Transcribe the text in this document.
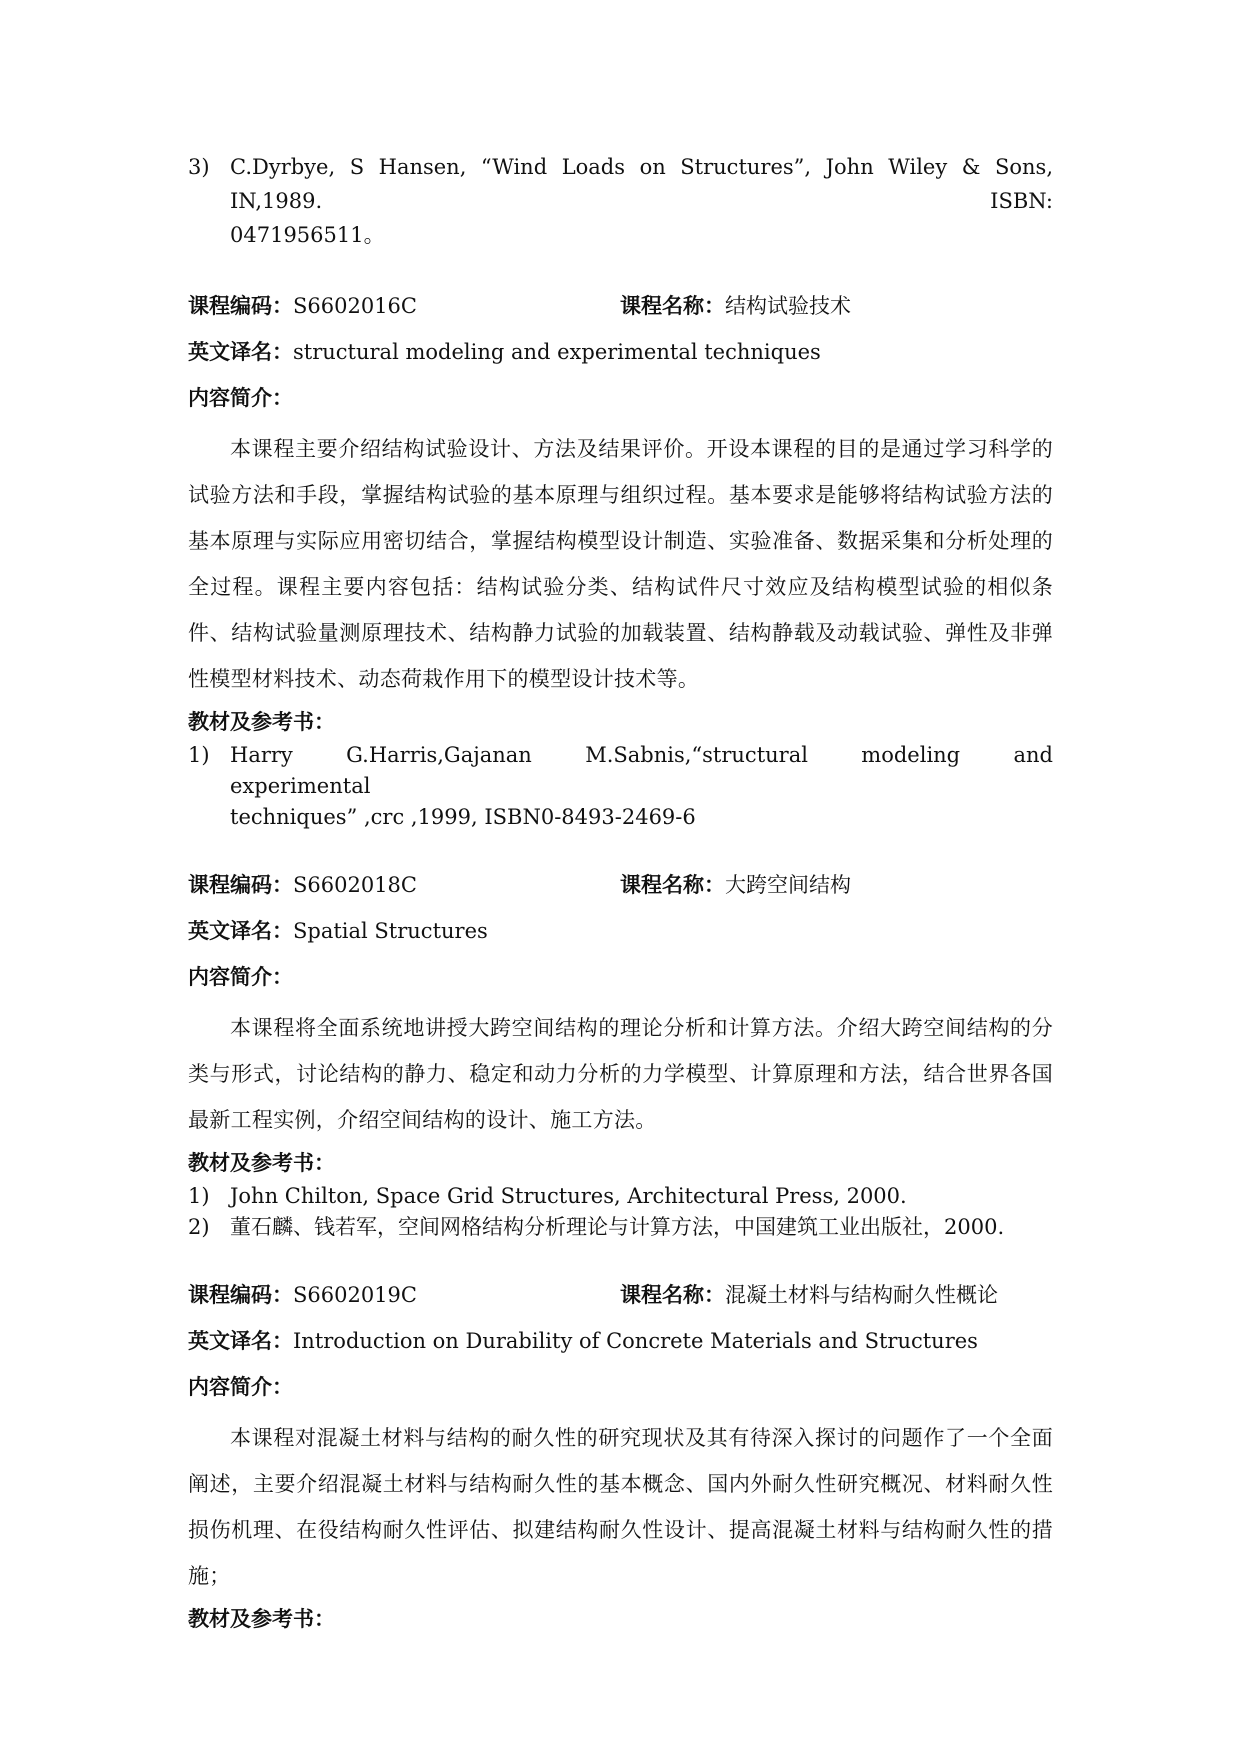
3) C.Dyrbye, S Hansen, “Wind Loads on Structures”, John Wiley & Sons, IN,1989. ISBN:
0471956511。
课程编码：S6602016C	课程名称：结构试验技术
英文译名： structural modeling and experimental techniques
内容简介：

本课程主要介绍结构试验设计、方法及结果评价。开设本课程的目的是通过学习科学的试验方法和手段，掌握结构试验的基本原理与组织过程。基本要求是能够将结构试验方法的基本原理与实际应用密切结合，掌握结构模型设计制造、实验准备、数据采集和分析处理的全过程。课程主要内容包括：结构试验分类、结构试件尺寸效应及结构模型试验的相似条件、结构试验量测原理技术、结构静力试验的加载装置、结构静载及动载试验、弹性及非弹性模型材料技术、动态荷栽作用下的模型设计技术等。

教材及参考书：
1) Harry G.Harris,Gajanan M.Sabnis,“structural modeling and experimental
techniques” ,crc ,1999, ISBN0-8493-2469-6
课程编码：S6602018C	课程名称：大跨空间结构
英文译名： Spatial Structures
内容简介：

本课程将全面系统地讲授大跨空间结构的理论分析和计算方法。介绍大跨空间结构的分类与形式，讨论结构的静力、稳定和动力分析的力学模型、计算原理和方法，结合世界各国最新工程实例，介绍空间结构的设计、施工方法。

教材及参考书：
1) John Chilton, Space Grid Structures, Architectural Press, 2000.
2) 董石麟、钱若军，空间网格结构分析理论与计算方法，中国建筑工业出版社，2000.
课程编码：S6602019C	课程名称：混凝土材料与结构耐久性概论
英文译名： Introduction on Durability of Concrete Materials and Structures
内容简介：

本课程对混凝土材料与结构的耐久性的研究现状及其有待深入探讨的问题作了一个全面阐述，主要介绍混凝土材料与结构耐久性的基本概念、国内外耐久性研究概况、材料耐久性损伤机理、在役结构耐久性评估、拟建结构耐久性设计、提高混凝土材料与结构耐久性的措施；

教材及参考书：
